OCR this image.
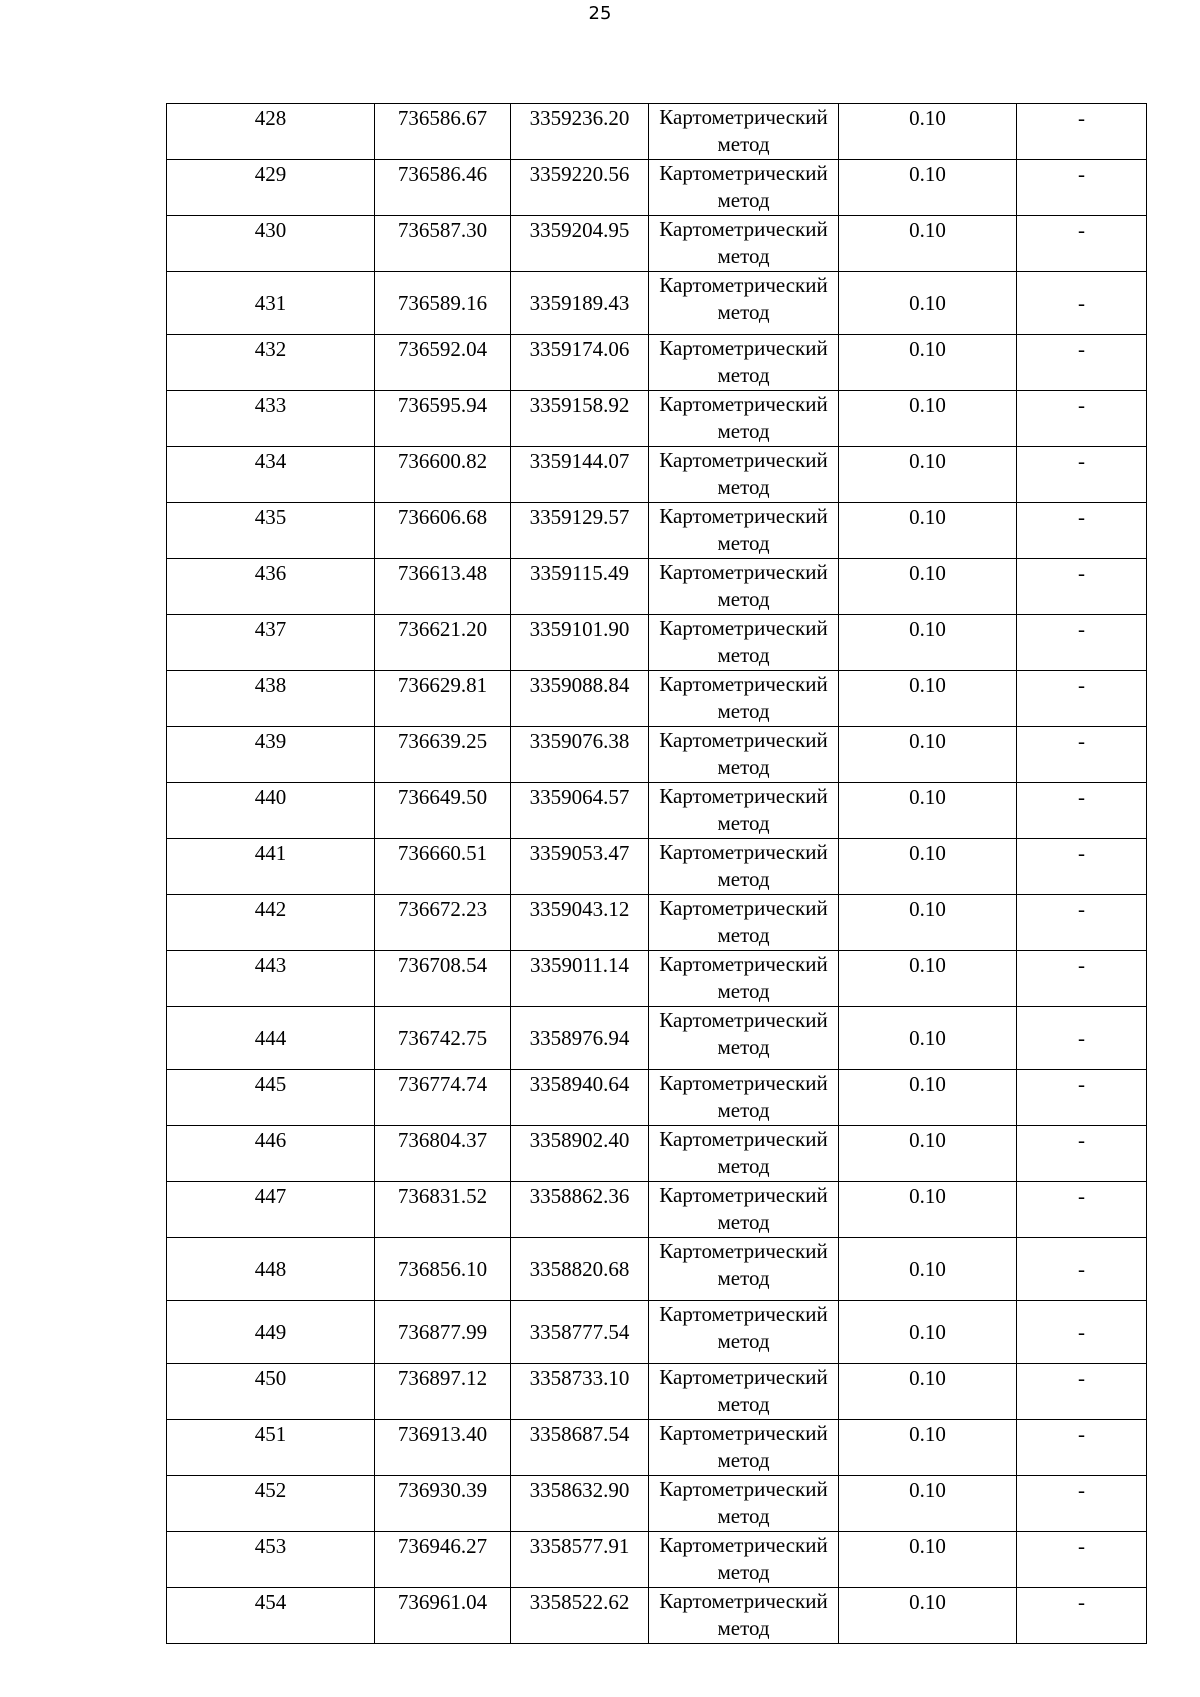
25
428	736586.67	3359236.20	Картометрический
метод	0.10	-
429	736586.46	3359220.56	Картометрический
метод	0.10	-
430	736587.30	3359204.95	Картометрический
метод	0.10	-
431	736589.16	3359189.43	Картометрический
метод	0.10	-
432	736592.04	3359174.06	Картометрический
метод	0.10	-
433	736595.94	3359158.92	Картометрический
метод	0.10	-
434	736600.82	3359144.07	Картометрический
метод	0.10	-
435	736606.68	3359129.57	Картометрический
метод	0.10	-
436	736613.48	3359115.49	Картометрический
метод	0.10	-
437	736621.20	3359101.90	Картометрический
метод	0.10	-
438	736629.81	3359088.84	Картометрический
метод	0.10	-
439	736639.25	3359076.38	Картометрический
метод	0.10	-
440	736649.50	3359064.57	Картометрический
метод	0.10	-
441	736660.51	3359053.47	Картометрический
метод	0.10	-
442	736672.23	3359043.12	Картометрический
метод	0.10	-
443	736708.54	3359011.14	Картометрический
метод	0.10	-
444	736742.75	3358976.94	Картометрический
метод	0.10	-
445	736774.74	3358940.64	Картометрический
метод	0.10	-
446	736804.37	3358902.40	Картометрический
метод	0.10	-
447	736831.52	3358862.36	Картометрический
метод	0.10	-
448	736856.10	3358820.68	Картометрический
метод	0.10	-
449	736877.99	3358777.54	Картометрический
метод	0.10	-
450	736897.12	3358733.10	Картометрический
метод	0.10	-
451	736913.40	3358687.54	Картометрический
метод	0.10	-
452	736930.39	3358632.90	Картометрический
метод	0.10	-
453	736946.27	3358577.91	Картометрический
метод	0.10	-
454	736961.04	3358522.62	Картометрический
метод	0.10	-
